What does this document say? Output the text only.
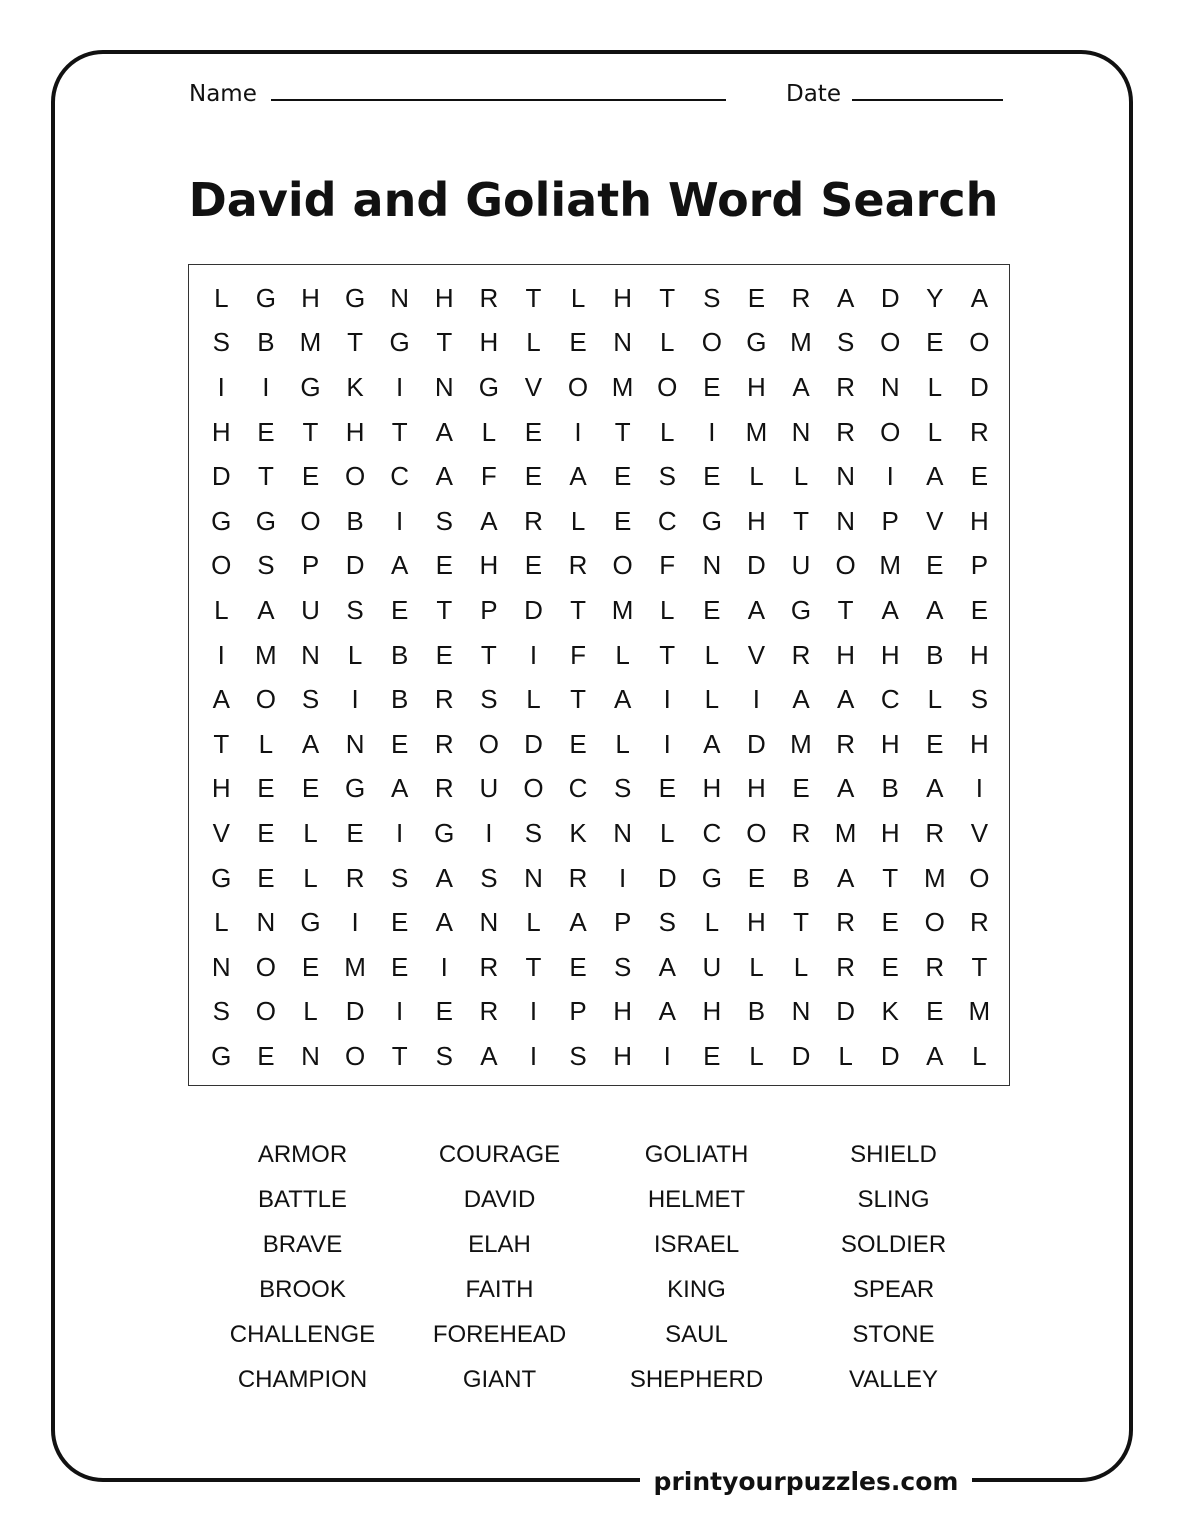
printyourpuzzles.com
Name	Date
David and Goliath Word Search
L	G H G N H R	T	L	H	T	S	E	R	A	D	Y	A
S	B M T	G	T	H	L	E	N	L	O G M S O E O
I	I	G K	I	N G V O M O E	H	A	R N	L	D
H	E	T	H	T	A	L	E	I	T	L	I	M N R O	L	R
D	T	E O C	A	F	E	A	E	S	E	L	L	N	I	A	E
G G O B	I	S	A	R	L	E	C G H	T	N	P	V	H
O S	P	D	A	E	H	E	R O	F	N D U O M E	P
L	A	U	S	E	T	P	D	T M	L	E	A G	T	A	A	E
I	M N	L	B	E	T	I	F	L	T	L	V	R H H	B	H
A O S	I	B	R	S	L	T	A	I	L	I	A	A	C	L	S
T	L	A	N	E	R O D	E	L	I	A	D M R H	E	H
H	E	E G A	R U O C	S	E	H H	E	A	B	A	I
V	E	L	E	I	G	I	S	K	N	L	C O R M H R	V
G E	L	R	S	A	S	N R	I	D G E	B	A	T M O
L	N G	I	E	A	N	L	A	P	S	L	H	T	R	E O R
N O E M E	I	R	T	E	S	A	U	L	L	R	E	R	T
S O	L	D	I	E	R	I	P	H	A	H	B	N D	K	E M
G E	N O	T	S	A	I	S	H	I	E	L	D	L	D	A	L
ARMOR	COURAGE	GOLIATH	SHIELD
BATTLE	DAVID	HELMET	SLING
BRAVE	ELAH	ISRAEL	SOLDIER
BROOK	FAITH	KING	SPEAR
CHALLENGE	FOREHEAD	SAUL	STONE
CHAMPION	GIANT	SHEPHERD	VALLEY
